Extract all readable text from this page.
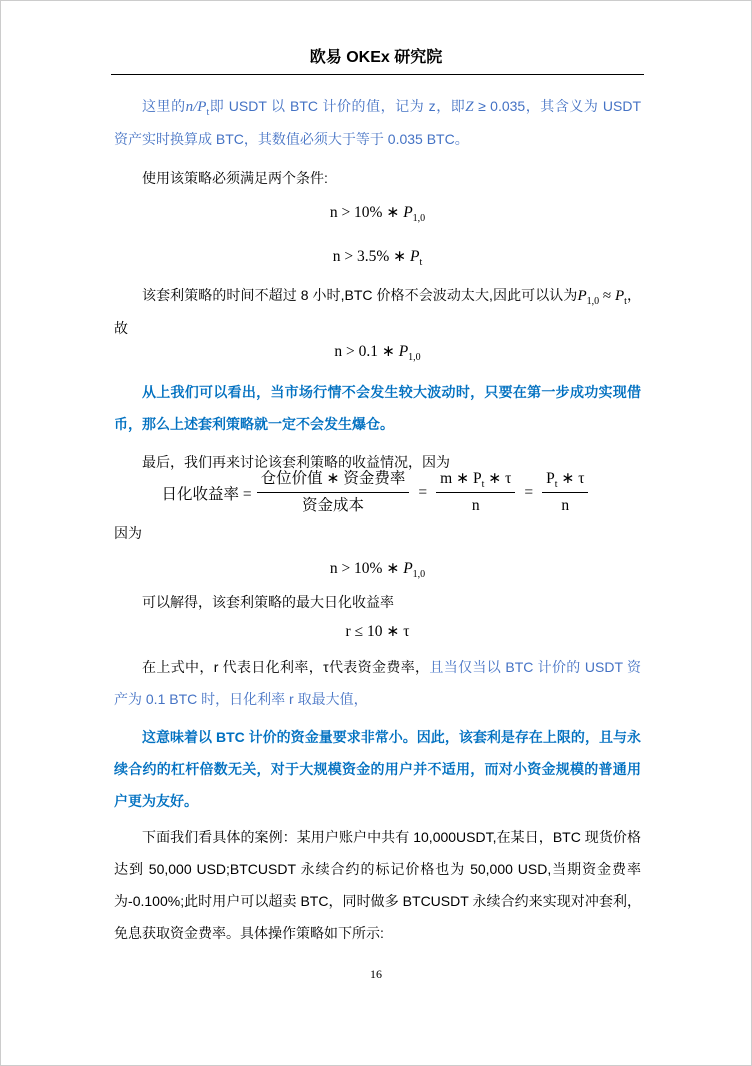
欧易 OKEx 研究院

这里的$n/P_t$即 USDT 以 BTC 计价的值，记为 z，即Z ≥ 0.035，其含义为 USDT 资产实时换算成 BTC，其数值必须大于等于 0.035 BTC。

使用该策略必须满足两个条件:

n > 10% ∗ $P_{1,0}$
n > 3.5% ∗ $P_t$

该套利策略的时间不超过 8 小时,BTC 价格不会波动太大,因此可以认为$P_{1,0} \approx P_t$，故

n > 0.1 ∗ $P_{1,0}$

从上我们可以看出，当市场行情不会发生较大波动时，只要在第一步成功实现借币，那么上述套利策略就一定不会发生爆仓。

最后，我们再来讨论该套利策略的收益情况，因为

日化收益率 = $\frac{\text{仓位价值 ∗ 资金费率}}{\text{资金成本}} = \frac{m ∗ P_t ∗ \tau}{n} = \frac{P_t ∗ \tau}{n}$

因为

n > 10% ∗ $P_{1,0}$

可以解得，该套利策略的最大日化收益率

r ≤ 10 ∗ τ

在上式中，r 代表日化利率，τ代表资金费率，且当仅当以 BTC 计价的 USDT 资产为 0.1 BTC 时，日化利率 r 取最大值，

这意味着以 BTC 计价的资金量要求非常小。因此，该套利是存在上限的，且与永续合约的杠杆倍数无关，对于大规模资金的用户并不适用，而对小资金规模的普通用户更为友好。

下面我们看具体的案例：某用户账户中共有 10,000USDT,在某日，BTC 现货价格达到 50,000 USD;BTCUSDT 永续合约的标记价格也为 50,000 USD,当期资金费率为-0.100%;此时用户可以超卖 BTC，同时做多 BTCUSDT 永续合约来实现对冲套利，免息获取资金费率。具体操作策略如下所示:

16
